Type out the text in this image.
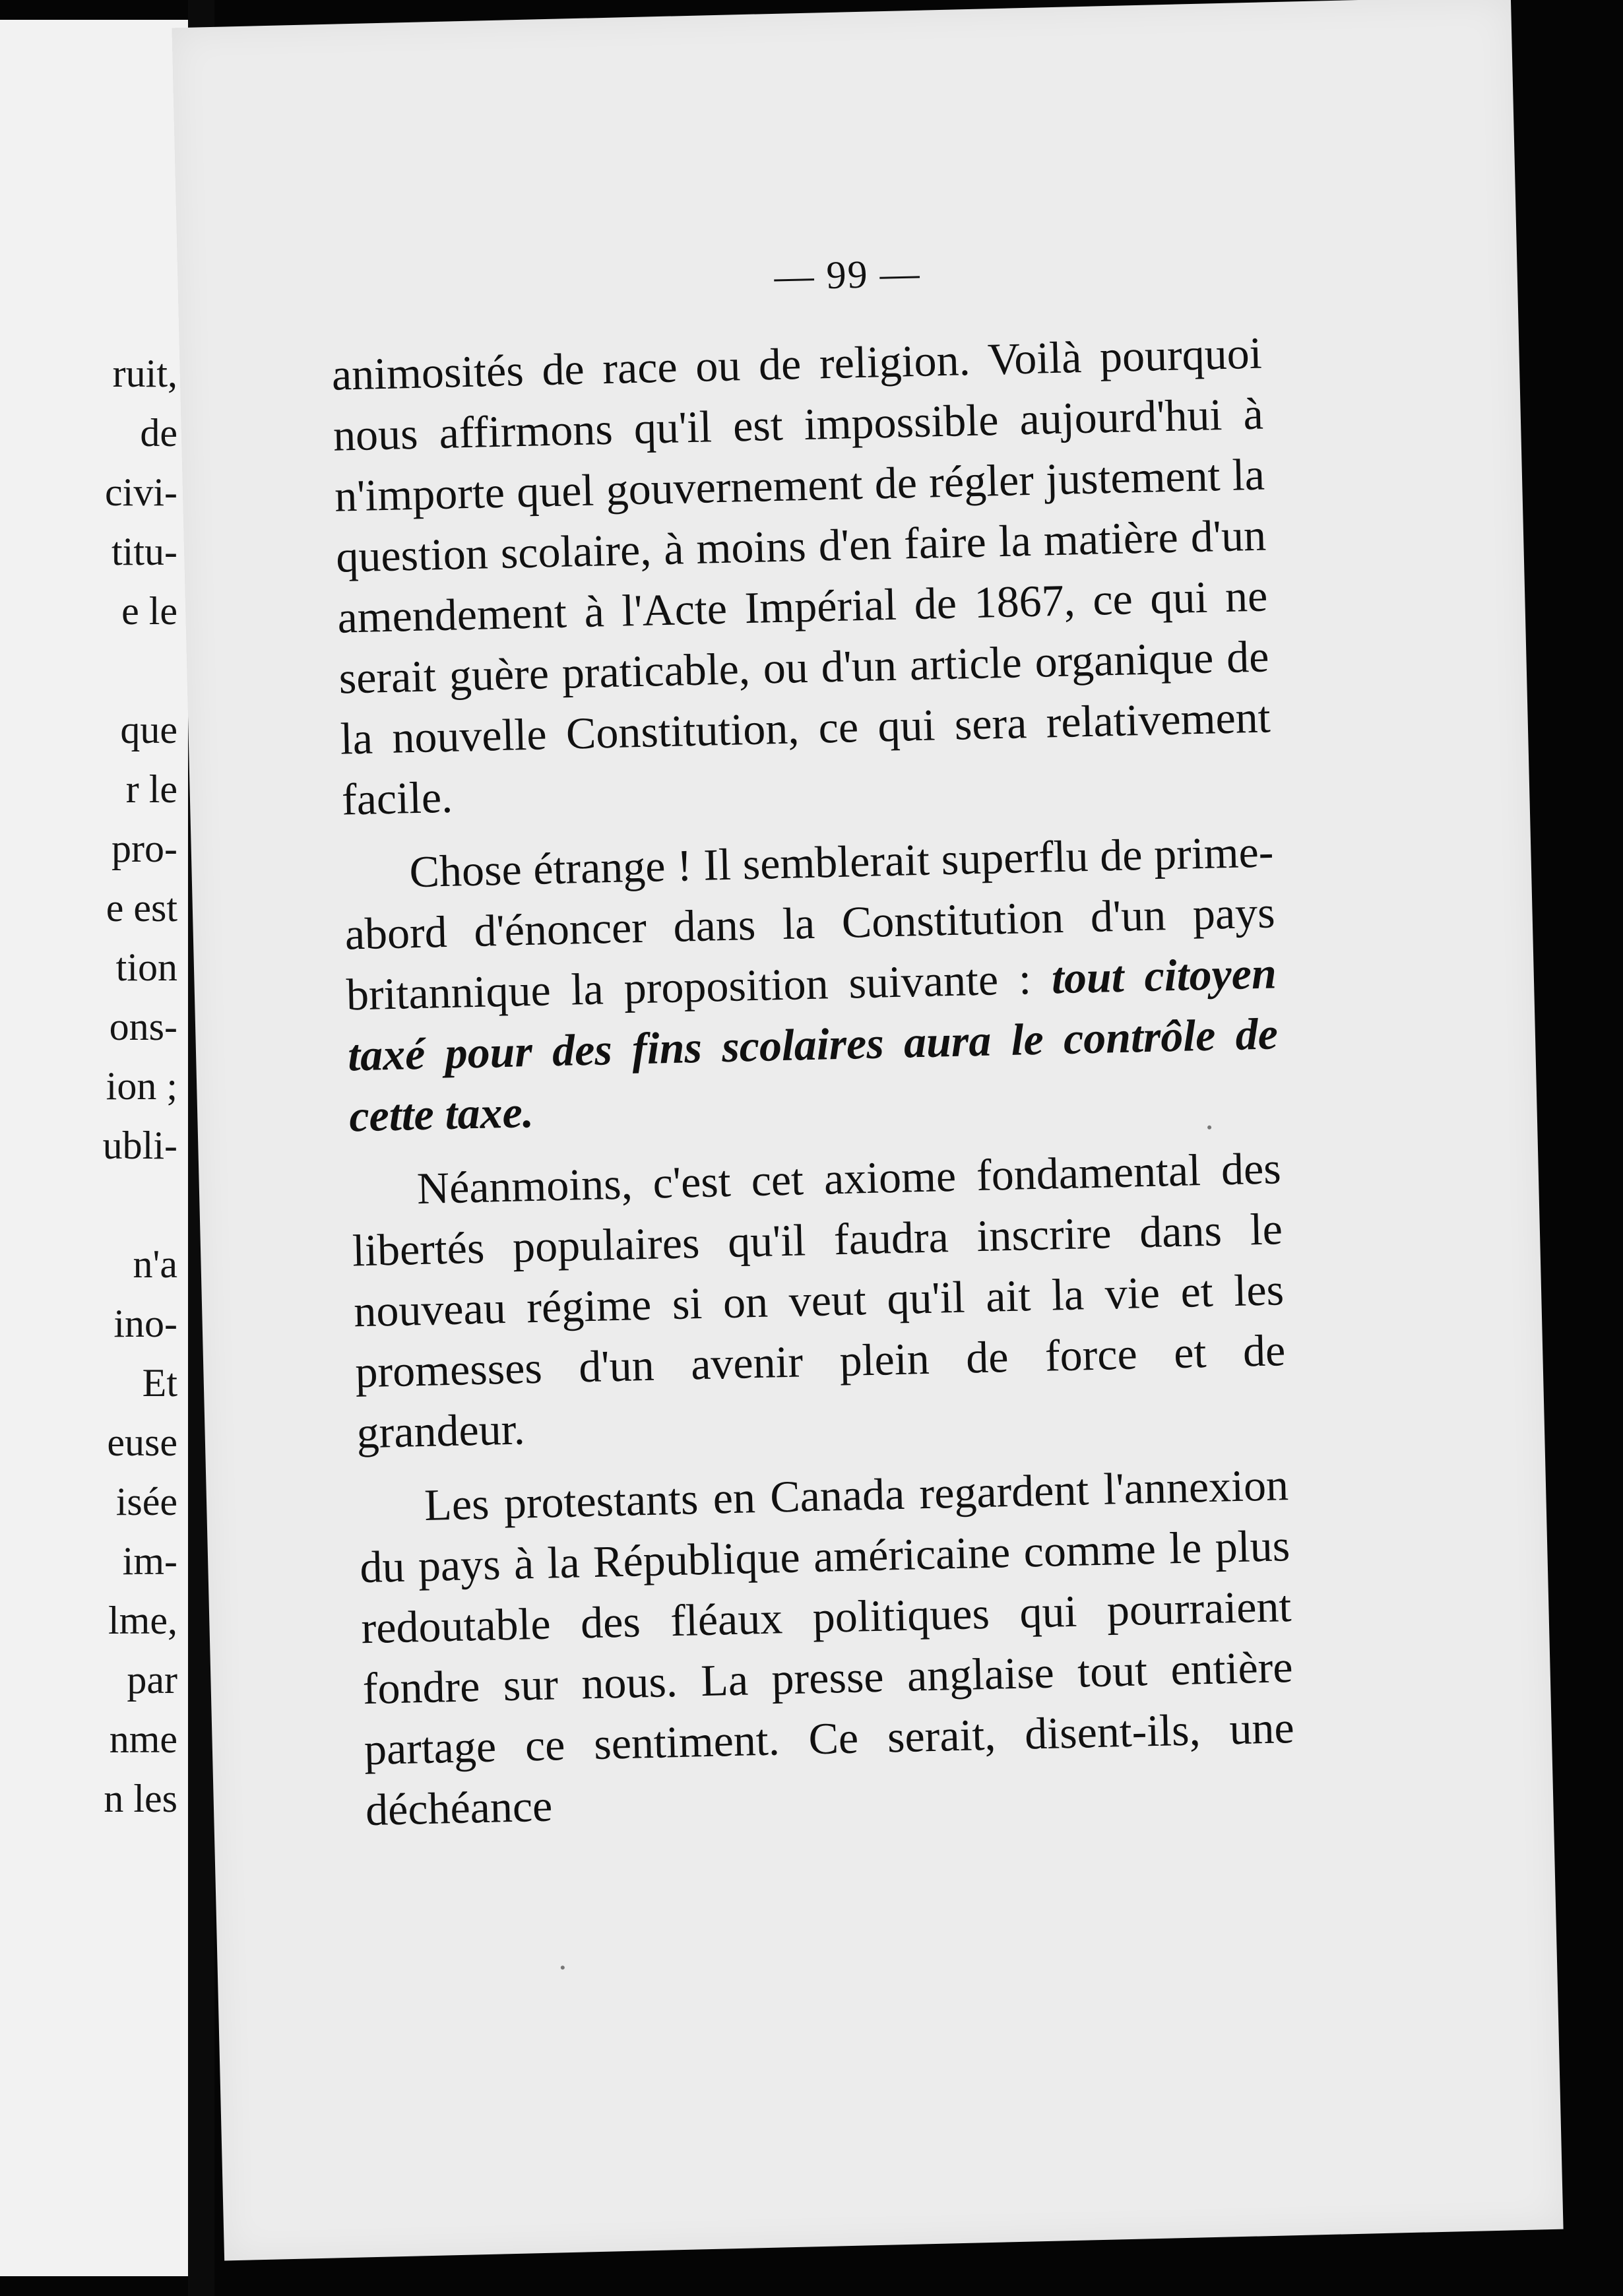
ruit,

de

civi-

titu-

e le

que

r le

pro-

e est

tion

ons-

ion ;

ubli-

n'a

ino-

Et

euse

isée

im-

lme,

par

nme

n les

— 99 —

animosités de race ou de religion. Voilà pourquoi nous affirmons qu'il est impossible aujourd'hui à n'importe quel gouvernement de régler justement la question scolaire, à moins d'en faire la matière d'un amendement à l'Acte Impérial de 1867, ce qui ne serait guère praticable, ou d'un article organique de la nouvelle Constitution, ce qui sera relativement facile.

Chose étrange ! Il semblerait superflu de prime-abord d'énoncer dans la Constitution d'un pays britannique la proposition suivante : tout citoyen taxé pour des fins scolaires aura le contrôle de cette taxe.

Néanmoins, c'est cet axiome fondamental des libertés populaires qu'il faudra inscrire dans le nouveau régime si on veut qu'il ait la vie et les promesses d'un avenir plein de force et de grandeur.

Les protestants en Canada regardent l'annexion du pays à la République américaine comme le plus redoutable des fléaux politiques qui pourraient fondre sur nous. La presse anglaise tout entière partage ce sentiment. Ce serait, disent-ils, une déchéance
